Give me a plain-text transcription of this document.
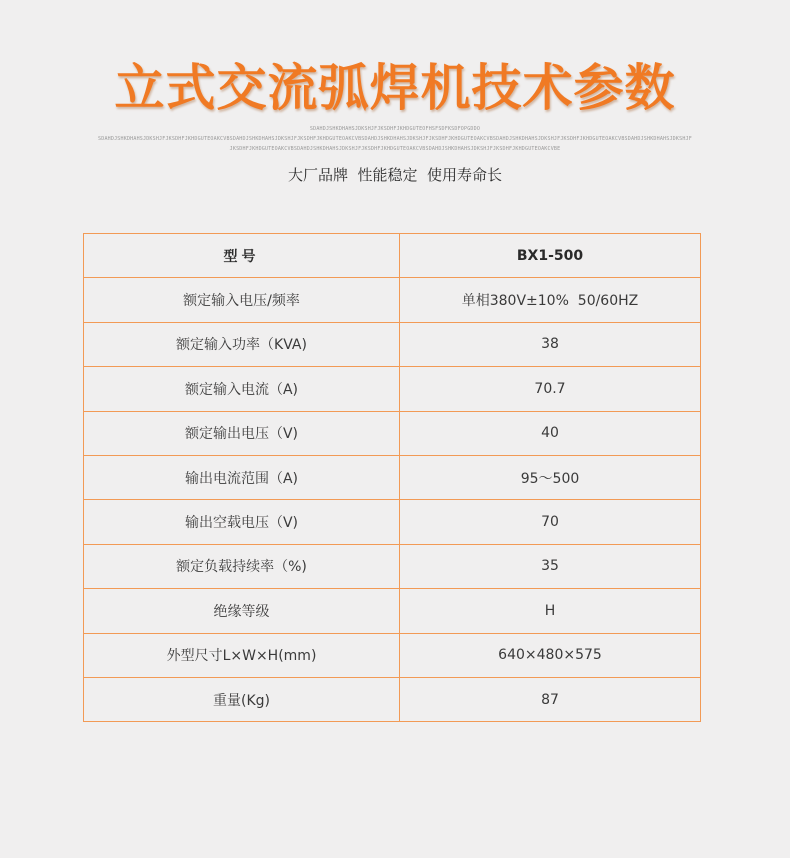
立式交流弧焊机技术参数
SDAHDJSHKDHAHSJDKSHJFJKSDHFJKHDGUTEOFHSFSDFKSDFOPGDDO
SDAHDJSHKDHAHSJDKSHJFJKSDHFJKHDGUTEOAKCVBSDAHDJSHKDHAHSJDKSHJFJKSDHFJKHDGUTEOAKCVBSDAHDJSHKDHAHSJDKSHJFJKSDHFJKHDGUTEOAKCVBSDAHDJSHKDHAHSJDKSHJFJKSDHFJKHDGUTEOAKCVBSDAHDJSHKDHAHSJDKSHJF
JKSDHFJKHDGUTEOAKCVBSDAHDJSHKDHAHSJDKSHJFJKSDHFJKHDGUTEOAKCVBSDAHDJSHKDHAHSJDKSHJFJKSDHFJKHDGUTEOAKCVBE
大厂品牌  性能稳定  使用寿命长
型号	BX1-500
额定输入电压/频率	单相380V±10%  50/60HZ
额定输入功率（KVA)	38
额定输入电流（A)	70.7
额定输出电压（V)	40
输出电流范围（A)	95～500
输出空载电压（V)	70
额定负载持续率（%)	35
绝缘等级	H
外型尺寸L×W×H(mm)	640×480×575
重量(Kg)	87
